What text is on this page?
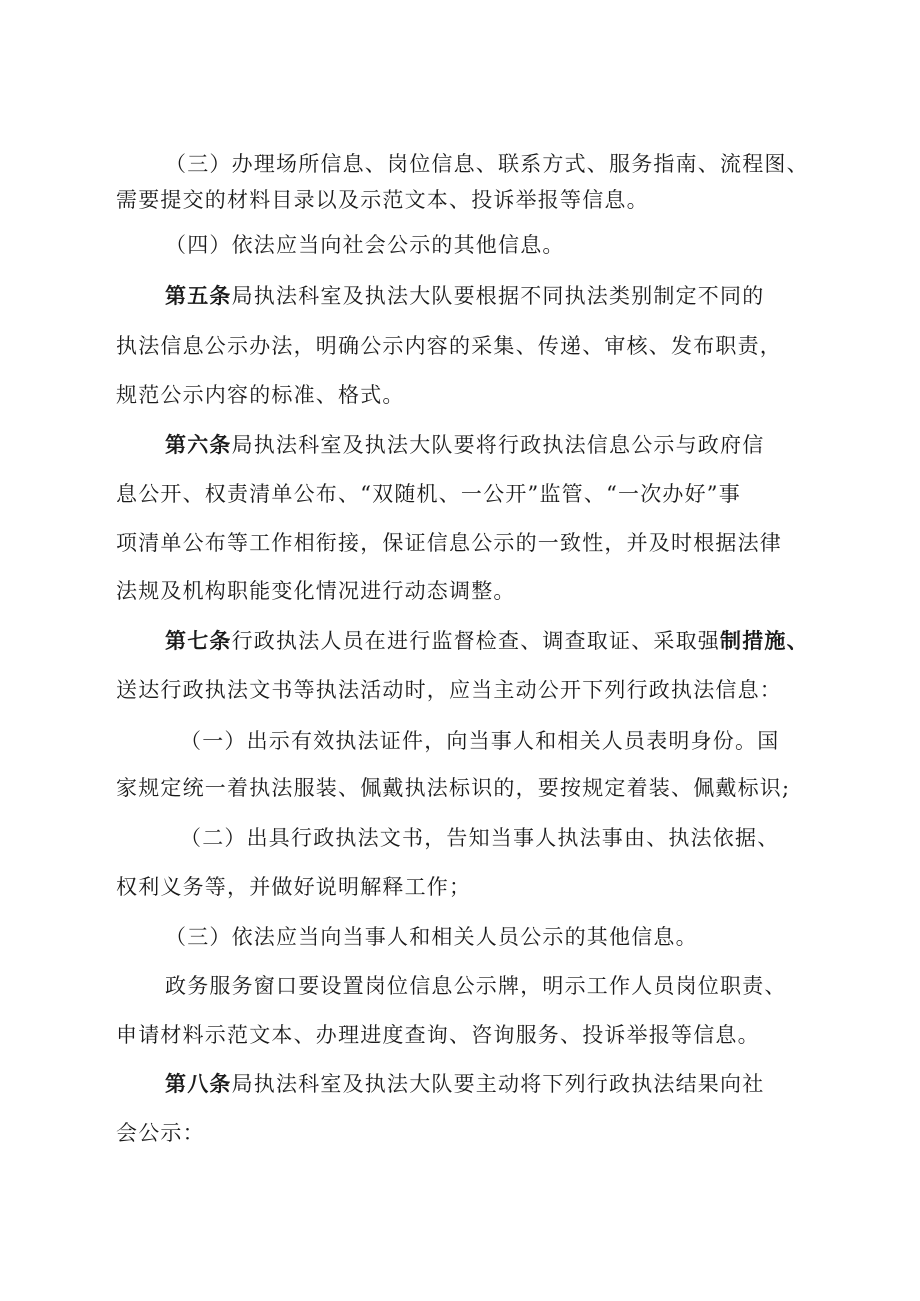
（三）办理场所信息、岗位信息、联系方式、服务指南、流程图、
需要提交的材料目录以及示范文本、投诉举报等信息。
（四）依法应当向社会公示的其他信息。
第五条局执法科室及执法大队要根据不同执法类别制定不同的
执法信息公示办法，明确公示内容的采集、传递、审核、发布职责，
规范公示内容的标准、格式。
第六条局执法科室及执法大队要将行政执法信息公示与政府信
息公开、权责清单公布、“双随机、一公开”监管、“一次办好”事
项清单公布等工作相衔接，保证信息公示的一致性，并及时根据法律
法规及机构职能变化情况进行动态调整。
第七条行政执法人员在进行监督检查、调查取证、采取强制措施、
送达行政执法文书等执法活动时，应当主动公开下列行政执法信息：
（一）出示有效执法证件，向当事人和相关人员表明身份。国
家规定统一着执法服装、佩戴执法标识的，要按规定着装、佩戴标识;
（二）出具行政执法文书，告知当事人执法事由、执法依据、
权利义务等，并做好说明解释工作；
（三）依法应当向当事人和相关人员公示的其他信息。
政务服务窗口要设置岗位信息公示牌，明示工作人员岗位职责、
申请材料示范文本、办理进度查询、咨询服务、投诉举报等信息。
第八条局执法科室及执法大队要主动将下列行政执法结果向社
会公示：
